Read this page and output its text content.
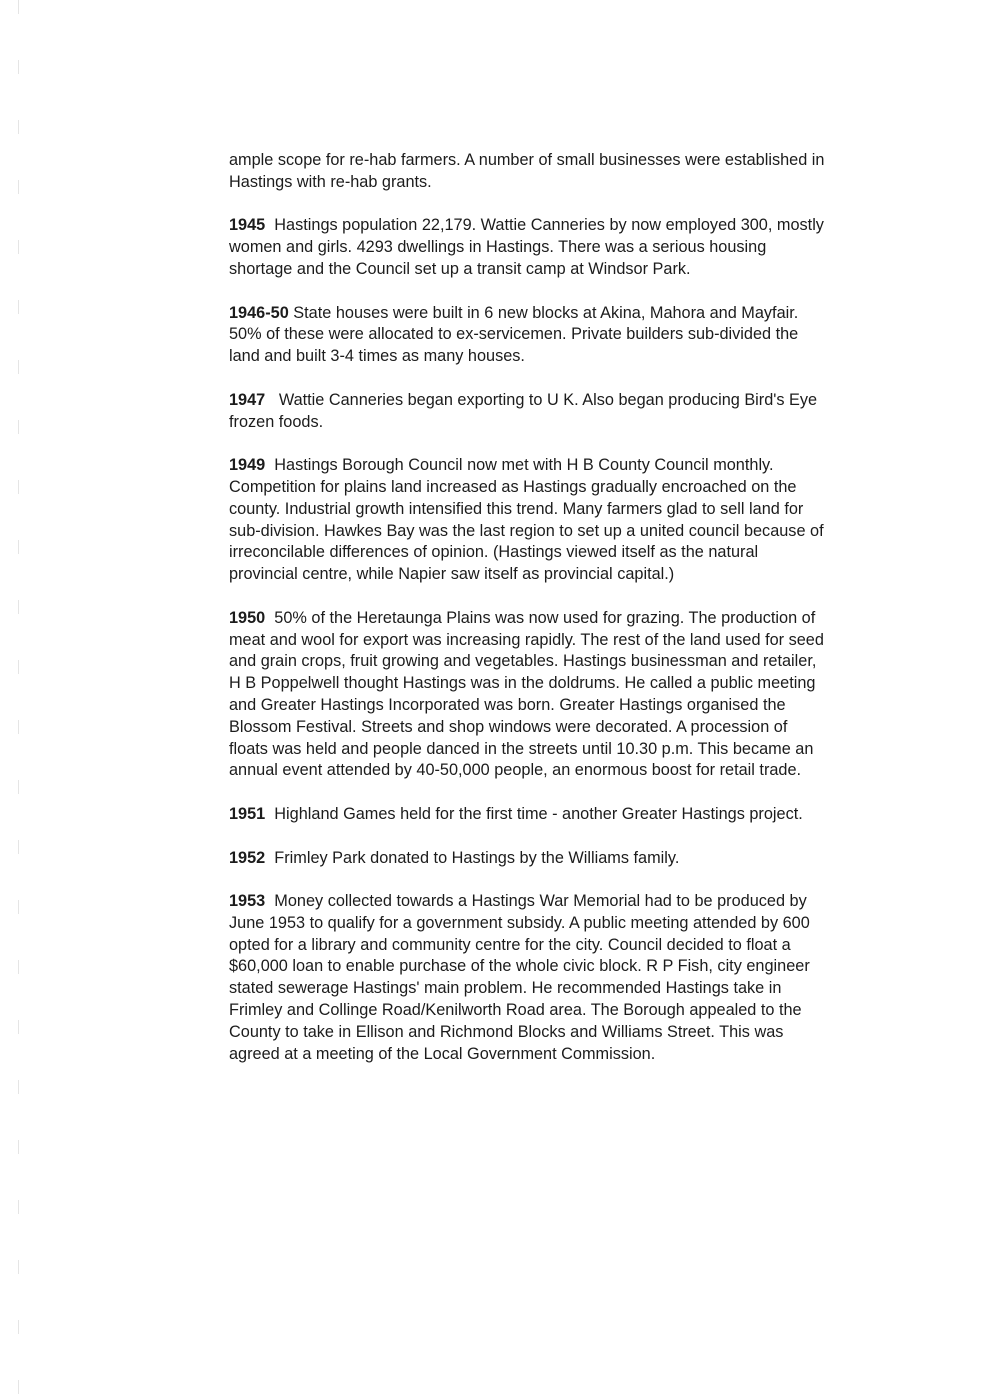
ample scope for re-hab farmers. A number of small businesses were established in Hastings with re-hab grants.

1945 Hastings population 22,179. Wattie Canneries by now employed 300, mostly women and girls. 4293 dwellings in Hastings. There was a serious housing shortage and the Council set up a transit camp at Windsor Park.

1946-50 State houses were built in 6 new blocks at Akina, Mahora and Mayfair. 50% of these were allocated to ex-servicemen. Private builders sub-divided the land and built 3-4 times as many houses.

1947 Wattie Canneries began exporting to U K. Also began producing Bird's Eye frozen foods.

1949 Hastings Borough Council now met with H B County Council monthly. Competition for plains land increased as Hastings gradually encroached on the county. Industrial growth intensified this trend. Many farmers glad to sell land for sub-division. Hawkes Bay was the last region to set up a united council because of irreconcilable differences of opinion. (Hastings viewed itself as the natural provincial centre, while Napier saw itself as provincial capital.)

1950 50% of the Heretaunga Plains was now used for grazing. The production of meat and wool for export was increasing rapidly. The rest of the land used for seed and grain crops, fruit growing and vegetables. Hastings businessman and retailer, H B Poppelwell thought Hastings was in the doldrums. He called a public meeting and Greater Hastings Incorporated was born. Greater Hastings organised the Blossom Festival. Streets and shop windows were decorated. A procession of floats was held and people danced in the streets until 10.30 p.m. This became an annual event attended by 40-50,000 people, an enormous boost for retail trade.

1951 Highland Games held for the first time - another Greater Hastings project.

1952 Frimley Park donated to Hastings by the Williams family.

1953 Money collected towards a Hastings War Memorial had to be produced by June 1953 to qualify for a government subsidy. A public meeting attended by 600 opted for a library and community centre for the city. Council decided to float a $60,000 loan to enable purchase of the whole civic block. R P Fish, city engineer stated sewerage Hastings' main problem. He recommended Hastings take in Frimley and Collinge Road/Kenilworth Road area. The Borough appealed to the County to take in Ellison and Richmond Blocks and Williams Street. This was agreed at a meeting of the Local Government Commission.
